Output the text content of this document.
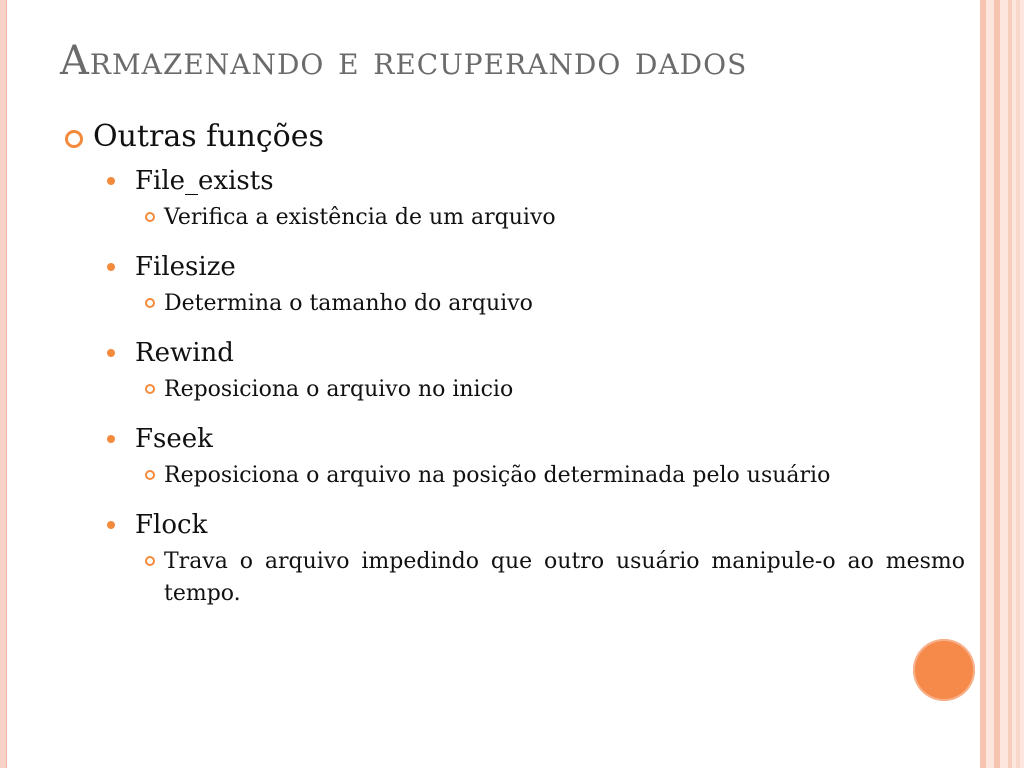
Armazenando e recuperando dados
Outras funções
File_exists
Verifica a existência de um arquivo
Filesize
Determina o tamanho do arquivo
Rewind
Reposiciona o arquivo no inicio
Fseek
Reposiciona o arquivo na posição determinada pelo usuário
Flock
Trava o arquivo impedindo que outro usuário manipule-o ao mesmo tempo.
